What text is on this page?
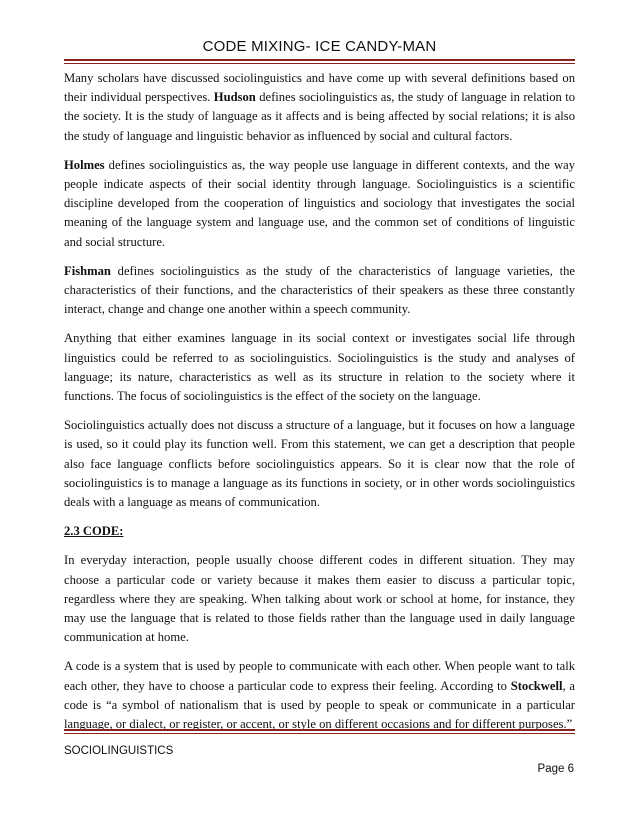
CODE MIXING- ICE CANDY-MAN

Many scholars have discussed sociolinguistics and have come up with several definitions based on their individual perspectives. Hudson defines sociolinguistics as, the study of language in relation to the society. It is the study of language as it affects and is being affected by social relations; it is also the study of language and linguistic behavior as influenced by social and cultural factors.

Holmes defines sociolinguistics as, the way people use language in different contexts, and the way people indicate aspects of their social identity through language. Sociolinguistics is a scientific discipline developed from the cooperation of linguistics and sociology that investigates the social meaning of the language system and language use, and the common set of conditions of linguistic and social structure.

Fishman defines sociolinguistics as the study of the characteristics of language varieties, the characteristics of their functions, and the characteristics of their speakers as these three constantly interact, change and change one another within a speech community.

Anything that either examines language in its social context or investigates social life through linguistics could be referred to as sociolinguistics. Sociolinguistics is the study and analyses of language; its nature, characteristics as well as its structure in relation to the society where it functions. The focus of sociolinguistics is the effect of the society on the language.

Sociolinguistics actually does not discuss a structure of a language, but it focuses on how a language is used, so it could play its function well. From this statement, we can get a description that people also face language conflicts before sociolinguistics appears. So it is clear now that the role of sociolinguistics is to manage a language as its functions in society, or in other words sociolinguistics deals with a language as means of communication.

2.3 CODE:

In everyday interaction, people usually choose different codes in different situation. They may choose a particular code or variety because it makes them easier to discuss a particular topic, regardless where they are speaking. When talking about work or school at home, for instance, they may use the language that is related to those fields rather than the language used in daily language communication at home.

A code is a system that is used by people to communicate with each other. When people want to talk each other, they have to choose a particular code to express their feeling. According to Stockwell, a code is “a symbol of nationalism that is used by people to speak or communicate in a particular language, or dialect, or register, or accent, or style on different occasions and for different purposes.”

SOCIOLINGUISTICS
Page 6
